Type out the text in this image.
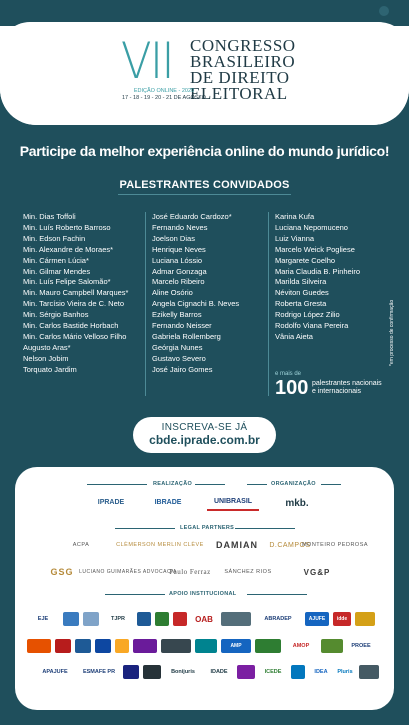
VII CONGRESSO
BRASILEIRO
DE DIREITO
ELEITORAL
EDIÇÃO ONLINE - 2020
17 - 18 - 19 - 20 - 21 DE AGOSTO
Participe da melhor experiência online do mundo jurídico!
PALESTRANTES CONVIDADOS
Min. Dias Toffoli
Min. Luís Roberto Barroso
Min. Edson Fachin
Min. Alexandre de Moraes*
Min. Cármen Lúcia*
Min. Gilmar Mendes
Min. Luís Felipe Salomão*
Min. Mauro Campbell Marques*
Min. Tarcísio Vieira de C. Neto
Min. Sérgio Banhos
Min. Carlos Bastide Horbach
Min. Carlos Mário Velloso Filho
Augusto Aras*
Nelson Jobim
Torquato Jardim
José Eduardo Cardozo*
Fernando Neves
Joelson Dias
Henrique Neves
Luciana Lóssio
Admar Gonzaga
Marcelo Ribeiro
Aline Osório
Angela Cignachi B. Neves
Ezikelly Barros
Fernando Neisser
Gabriela Rollemberg
Geórgia Nunes
Gustavo Severo
José Jairo Gomes
Karina Kufa
Luciana Nepomuceno
Luiz Vianna
Marcelo Weick Pogliese
Margarete Coelho
Maria Claudia B. Pinheiro
Marilda Silveira
Néviton Guedes
Roberta Gresta
Rodrigo López Zilio
Rodolfo Viana Pereira
Vânia Aieta	*em processo de confirmação
e mais de
100 palestrantes nacionais
e internacionais
INSCREVA-SE JÁ
cbde.iprade.com.br
REALIZAÇÃO	ORGANIZAÇÃO
IPRADE	IBRADE	UNIBRASIL	mkb.
LEGAL PARTNERS
ACPA	CLÈMERSON MERLIN CLÈVE	DAMIAN	D.CAMPOS
MONTEIRO PEDROSA
GSG	LUCIANO GUIMARÃES ADVOCACIA
Paulo Ferraz	SÁNCHEZ RIOS	VG&P
APOIO INSTITUCIONAL
EJE	TJPR	OAB	ABRADEP	AJUFE	idde
AMP	AMOP	PROEE
APAJUFE	ESMAFE PR	Bonijuris	IDADE	ICEDE	IDEA	Pluris
